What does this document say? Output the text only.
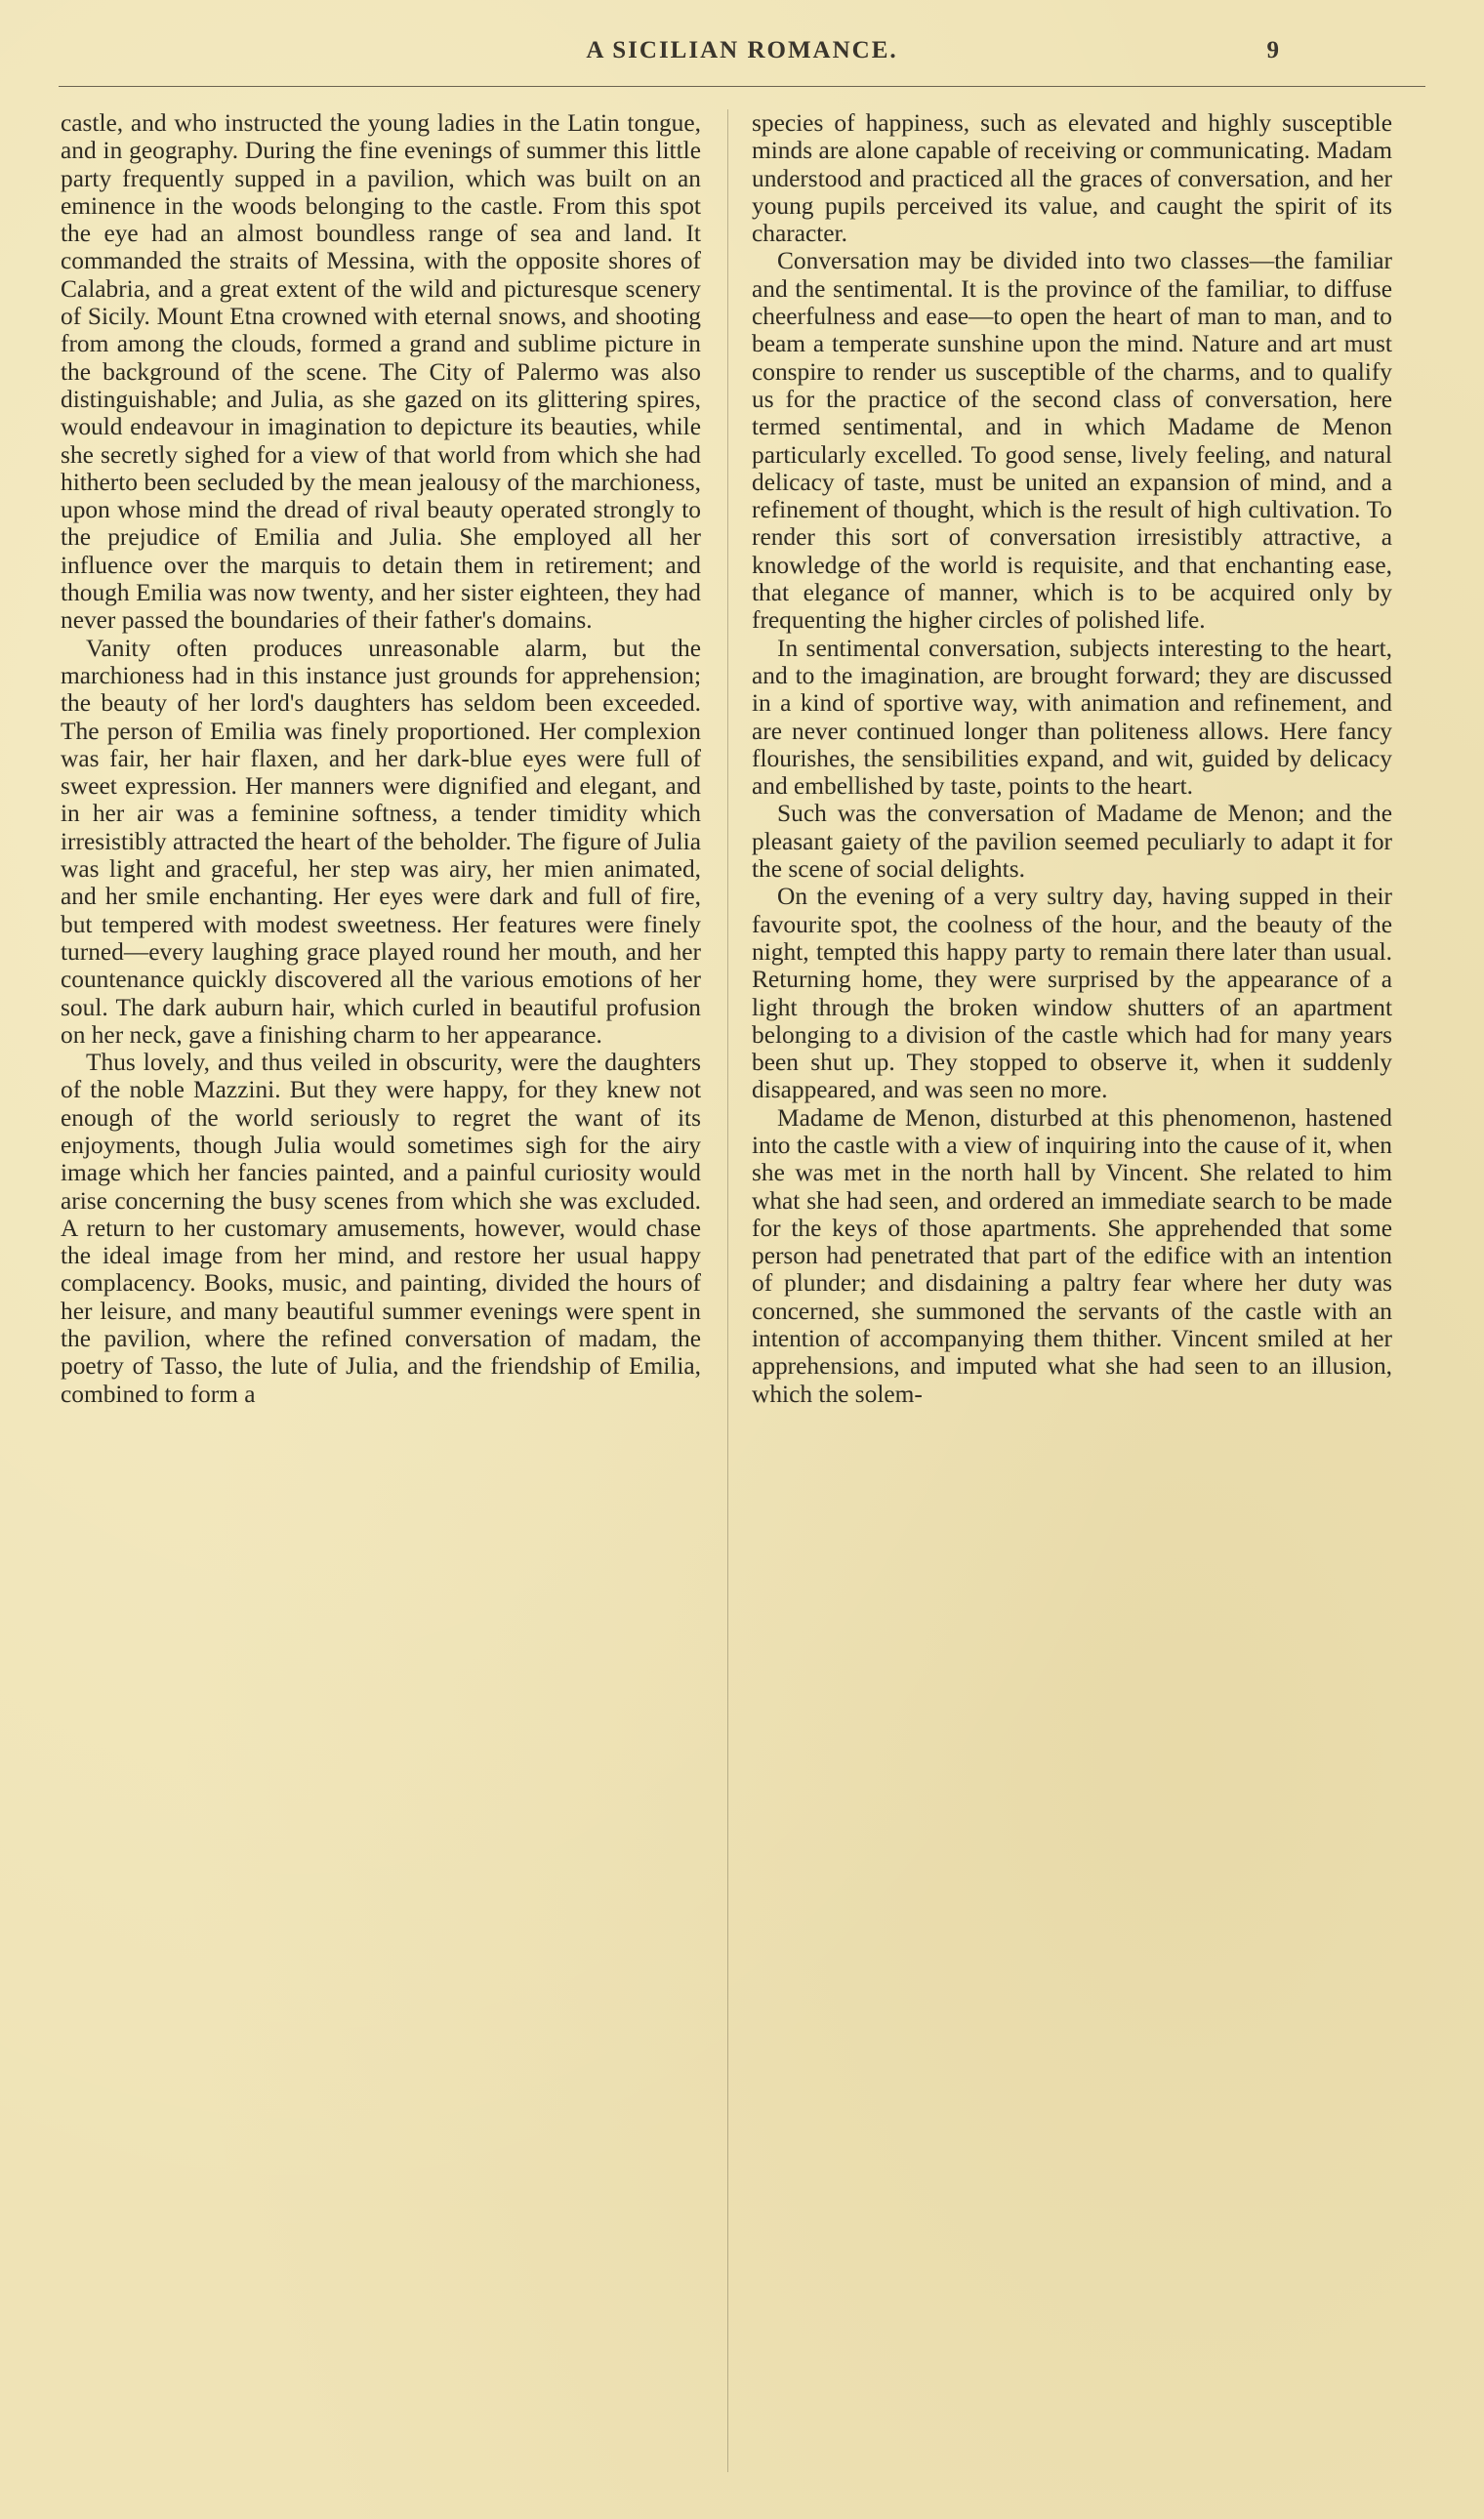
A SICILIAN ROMANCE.	9

castle, and who instructed the young ladies in the Latin tongue, and in geography. During the fine evenings of summer this little party frequently supped in a pavilion, which was built on an eminence in the woods belonging to the castle. From this spot the eye had an almost boundless range of sea and land. It commanded the straits of Messina, with the opposite shores of Calabria, and a great extent of the wild and picturesque scenery of Sicily. Mount Etna crowned with eternal snows, and shooting from among the clouds, formed a grand and sublime picture in the background of the scene. The City of Palermo was also distinguishable; and Julia, as she gazed on its glittering spires, would endeavour in imagination to depicture its beauties, while she secretly sighed for a view of that world from which she had hitherto been secluded by the mean jealousy of the marchioness, upon whose mind the dread of rival beauty operated strongly to the prejudice of Emilia and Julia. She employed all her influence over the marquis to detain them in retirement; and though Emilia was now twenty, and her sister eighteen, they had never passed the boundaries of their father's domains.

Vanity often produces unreasonable alarm, but the marchioness had in this instance just grounds for apprehension; the beauty of her lord's daughters has seldom been exceeded. The person of Emilia was finely proportioned. Her complexion was fair, her hair flaxen, and her dark-blue eyes were full of sweet expression. Her manners were dignified and elegant, and in her air was a feminine softness, a tender timidity which irresistibly attracted the heart of the beholder. The figure of Julia was light and graceful, her step was airy, her mien animated, and her smile enchanting. Her eyes were dark and full of fire, but tempered with modest sweetness. Her features were finely turned—every laughing grace played round her mouth, and her countenance quickly discovered all the various emotions of her soul. The dark auburn hair, which curled in beautiful profusion on her neck, gave a finishing charm to her appearance.

Thus lovely, and thus veiled in obscurity, were the daughters of the noble Mazzini. But they were happy, for they knew not enough of the world seriously to regret the want of its enjoyments, though Julia would sometimes sigh for the airy image which her fancies painted, and a painful curiosity would arise concerning the busy scenes from which she was excluded. A return to her customary amusements, however, would chase the ideal image from her mind, and restore her usual happy complacency. Books, music, and painting, divided the hours of her leisure, and many beautiful summer evenings were spent in the pavilion, where the refined conversation of madam, the poetry of Tasso, the lute of Julia, and the friendship of Emilia, combined to form a

species of happiness, such as elevated and highly susceptible minds are alone capable of receiving or communicating. Madam understood and practiced all the graces of conversation, and her young pupils perceived its value, and caught the spirit of its character.

Conversation may be divided into two classes—the familiar and the sentimental. It is the province of the familiar, to diffuse cheerfulness and ease—to open the heart of man to man, and to beam a temperate sunshine upon the mind. Nature and art must conspire to render us susceptible of the charms, and to qualify us for the practice of the second class of conversation, here termed sentimental, and in which Madame de Menon particularly excelled. To good sense, lively feeling, and natural delicacy of taste, must be united an expansion of mind, and a refinement of thought, which is the result of high cultivation. To render this sort of conversation irresistibly attractive, a knowledge of the world is requisite, and that enchanting ease, that elegance of manner, which is to be acquired only by frequenting the higher circles of polished life.

In sentimental conversation, subjects interesting to the heart, and to the imagination, are brought forward; they are discussed in a kind of sportive way, with animation and refinement, and are never continued longer than politeness allows. Here fancy flourishes, the sensibilities expand, and wit, guided by delicacy and embellished by taste, points to the heart.

Such was the conversation of Madame de Menon; and the pleasant gaiety of the pavilion seemed peculiarly to adapt it for the scene of social delights.

On the evening of a very sultry day, having supped in their favourite spot, the coolness of the hour, and the beauty of the night, tempted this happy party to remain there later than usual. Returning home, they were surprised by the appearance of a light through the broken window shutters of an apartment belonging to a division of the castle which had for many years been shut up. They stopped to observe it, when it suddenly disappeared, and was seen no more.

Madame de Menon, disturbed at this phenomenon, hastened into the castle with a view of inquiring into the cause of it, when she was met in the north hall by Vincent. She related to him what she had seen, and ordered an immediate search to be made for the keys of those apartments. She apprehended that some person had penetrated that part of the edifice with an intention of plunder; and disdaining a paltry fear where her duty was concerned, she summoned the servants of the castle with an intention of accompanying them thither. Vincent smiled at her apprehensions, and imputed what she had seen to an illusion, which the solem-
